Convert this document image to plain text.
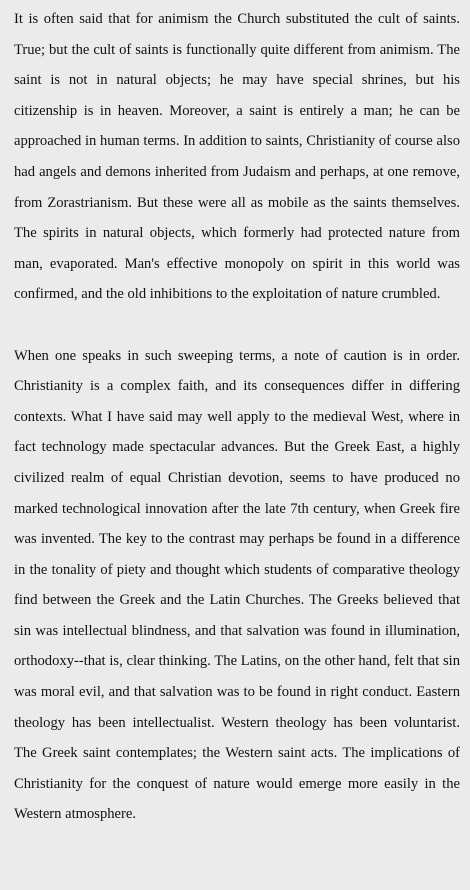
It is often said that for animism the Church substituted the cult of saints. True; but the cult of saints is functionally quite different from animism. The saint is not in natural objects; he may have special shrines, but his citizenship is in heaven. Moreover, a saint is entirely a man; he can be approached in human terms. In addition to saints, Christianity of course also had angels and demons inherited from Judaism and perhaps, at one remove, from Zorastrianism. But these were all as mobile as the saints themselves. The spirits in natural objects, which formerly had protected nature from man, evaporated. Man's effective monopoly on spirit in this world was confirmed, and the old inhibitions to the exploitation of nature crumbled.

When one speaks in such sweeping terms, a note of caution is in order. Christianity is a complex faith, and its consequences differ in differing contexts. What I have said may well apply to the medieval West, where in fact technology made spectacular advances. But the Greek East, a highly civilized realm of equal Christian devotion, seems to have produced no marked technological innovation after the late 7th century, when Greek fire was invented. The key to the contrast may perhaps be found in a difference in the tonality of piety and thought which students of comparative theology find between the Greek and the Latin Churches. The Greeks believed that sin was intellectual blindness, and that salvation was found in illumination, orthodoxy--that is, clear thinking. The Latins, on the other hand, felt that sin was moral evil, and that salvation was to be found in right conduct. Eastern theology has been intellectualist. Western theology has been voluntarist. The Greek saint contemplates; the Western saint acts. The implications of Christianity for the conquest of nature would emerge more easily in the Western atmosphere.
